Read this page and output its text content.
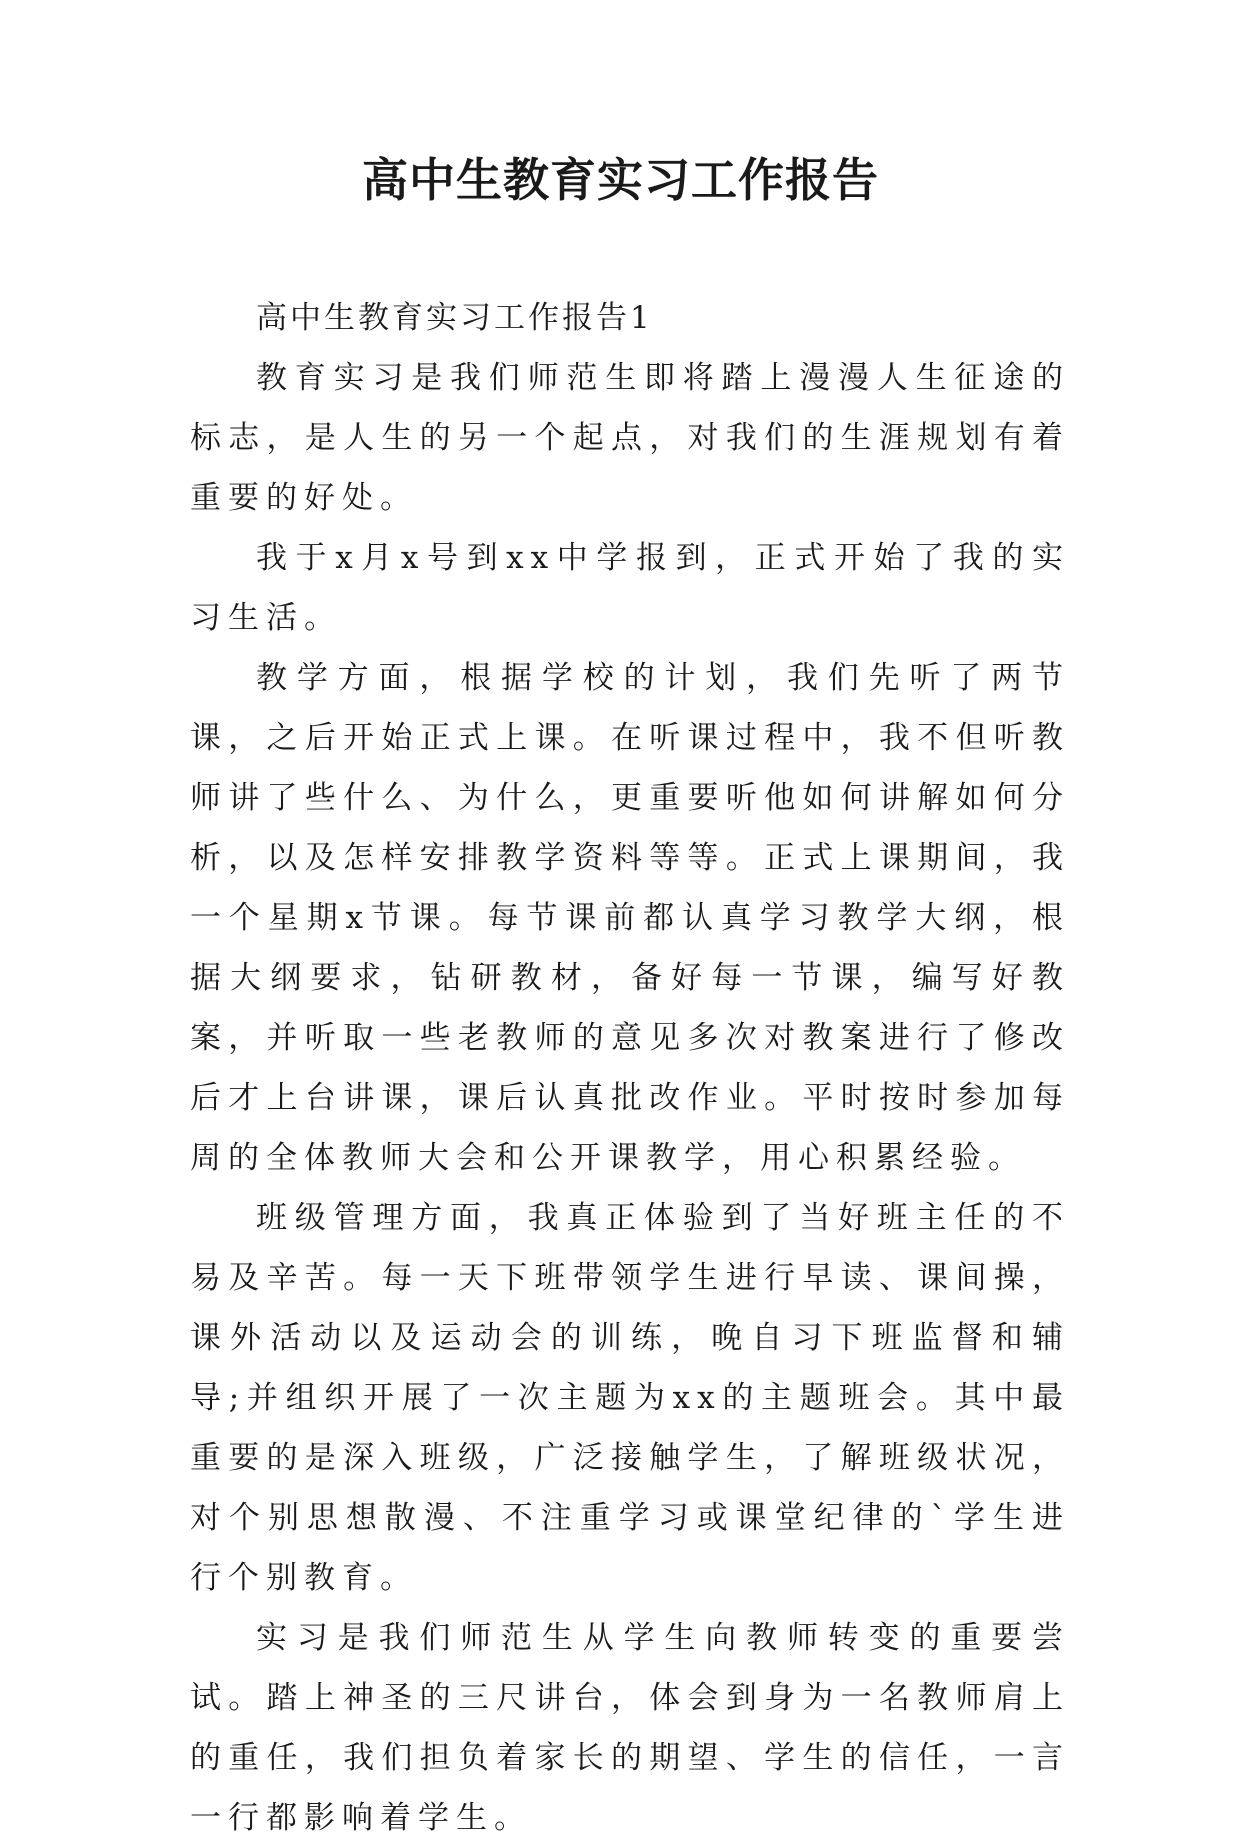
高中生教育实习工作报告

高中生教育实习工作报告1

教育实习是我们师范生即将踏上漫漫人生征途的标志，是人生的另一个起点，对我们的生涯规划有着重要的好处。

我于x月x号到xx中学报到，正式开始了我的实习生活。

教学方面，根据学校的计划，我们先听了两节课，之后开始正式上课。在听课过程中，我不但听教师讲了些什么、为什么，更重要听他如何讲解如何分析，以及怎样安排教学资料等等。正式上课期间，我一个星期x节课。每节课前都认真学习教学大纲，根据大纲要求，钻研教材，备好每一节课，编写好教案，并听取一些老教师的意见多次对教案进行了修改后才上台讲课，课后认真批改作业。平时按时参加每周的全体教师大会和公开课教学，用心积累经验。

班级管理方面，我真正体验到了当好班主任的不易及辛苦。每一天下班带领学生进行早读、课间操，课外活动以及运动会的训练，晚自习下班监督和辅导;并组织开展了一次主题为xx的主题班会。其中最重要的是深入班级，广泛接触学生，了解班级状况，对个别思想散漫、不注重学习或课堂纪律的`学生进行个别教育。

实习是我们师范生从学生向教师转变的重要尝试。踏上神圣的三尺讲台，体会到身为一名教师肩上的重任，我们担负着家长的期望、学生的信任，一言一行都影响着学生。
